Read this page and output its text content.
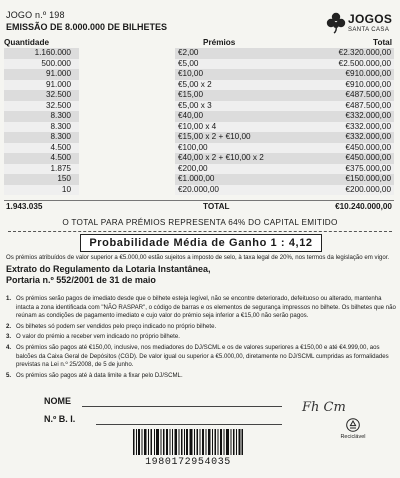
JOGO n.º 198
EMISSÃO DE 8.000.000 DE BILHETES
JOGOS
SANTA CASA
Quantidade	Prémios	Total
1.160.000		€2,00	€2.320.000,00
500.000		€5,00	€2.500.000,00
91.000		€10,00	€910.000,00
91.000		€5,00 x 2	€910.000,00
32.500		€15,00	€487.500,00
32.500		€5,00 x 3	€487.500,00
8.300		€40,00	€332.000,00
8.300		€10,00 x 4	€332.000,00
8.300		€15,00 x 2 + €10,00	€332.000,00
4.500		€100,00	€450.000,00
4.500		€40,00 x 2 + €10,00 x 2	€450.000,00
1.875		€200,00	€375.000,00
150		€1.000,00	€150.000,00
10		€20.000,00	€200.000,00
1.943.035	TOTAL	€10.240.000,00
O TOTAL PARA PRÉMIOS REPRESENTA 64% DO CAPITAL EMITIDO
Probabilidade Média de Ganho 1 : 4,12
Os prémios atribuídos de valor superior a €5.000,00 estão sujeitos a imposto de selo, à taxa legal de 20%, nos termos da legislação em vigor.
Extrato do Regulamento da Lotaria Instantânea,
Portaria n.º 552/2001 de 31 de maio
1. Os prémios serão pagos de imediato desde que o bilhete esteja legível, não se encontre deteriorado, defeituoso ou alterado, mantenha intacta a zona identificada com "NÃO RASPAR", o código de barras e os elementos de segurança impressos no bilhete. Os bilhetes que não reúnam as condições de pagamento imediato e cujo valor do prémio seja inferior a €15,00 não serão pagos.
2. Os bilhetes só podem ser vendidos pelo preço indicado no próprio bilhete.
3. O valor do prémio a receber vem indicado no próprio bilhete.
4. Os prémios são pagos até €150,00, inclusive, nos mediadores do DJ/SCML e os de valores superiores a €150,00 e até €4.999,00, aos balcões da Caixa Geral de Depósitos (CGD). De valor igual ou superior a €5.000,00, diretamente no DJ/SCML cumpridas as formalidades previstas na Lei n.º 25/2008, de 5 de junho.
5. Os prémios são pagos até à data limite a fixar pelo DJ/SCML.
NOME
N.º B. I.
Fh Cm
Reciclável
1980172954035
